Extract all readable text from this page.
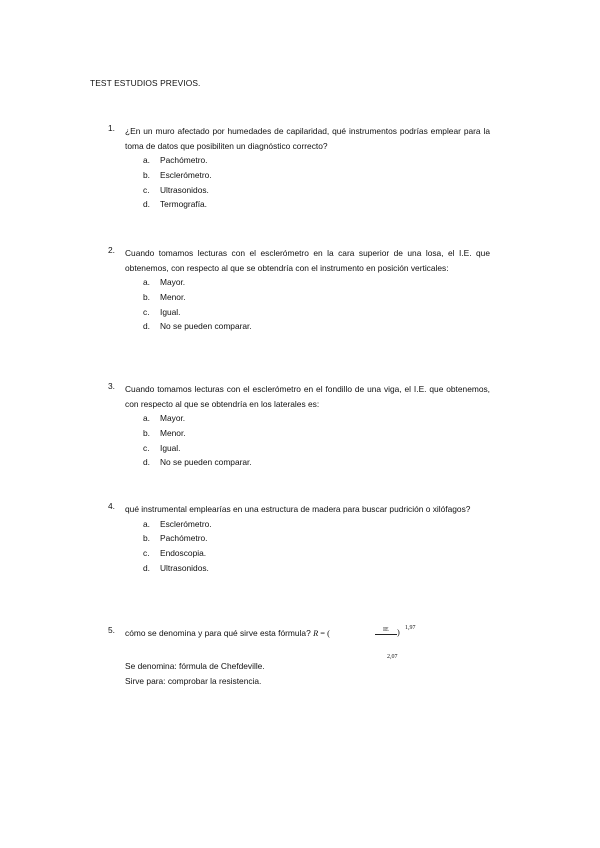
TEST ESTUDIOS PREVIOS.
1. ¿En un muro afectado por humedades de capilaridad, qué instrumentos podrías emplear para la toma de datos que posibiliten un diagnóstico correcto?
a. Pachómetro.
b. Esclerómetro.
c. Ultrasonidos.
d. Termografía.
2. Cuando tomamos lecturas con el esclerómetro en la cara superior de una losa, el I.E. que obtenemos, con respecto al que se obtendría con el instrumento en posición verticales:
a. Mayor.
b. Menor.
c. Igual.
d. No se pueden comparar.
3. Cuando tomamos lecturas con el esclerómetro en el fondillo de una viga, el I.E. que obtenemos, con respecto al que se obtendría en los laterales es:
a. Mayor.
b. Menor.
c. Igual.
d. No se pueden comparar.
4. qué instrumental emplearías en una estructura de madera para buscar pudrición o xilófagos?
a. Esclerómetro.
b. Pachómetro.
c. Endoscopia.
d. Ultrasonidos.
5. cómo se denomina y para qué sirve esta fórmula? R = (	IE ) 1,97
2,07
Se denomina: fórmula de Chefdeville.
Sirve para: comprobar la resistencia.
